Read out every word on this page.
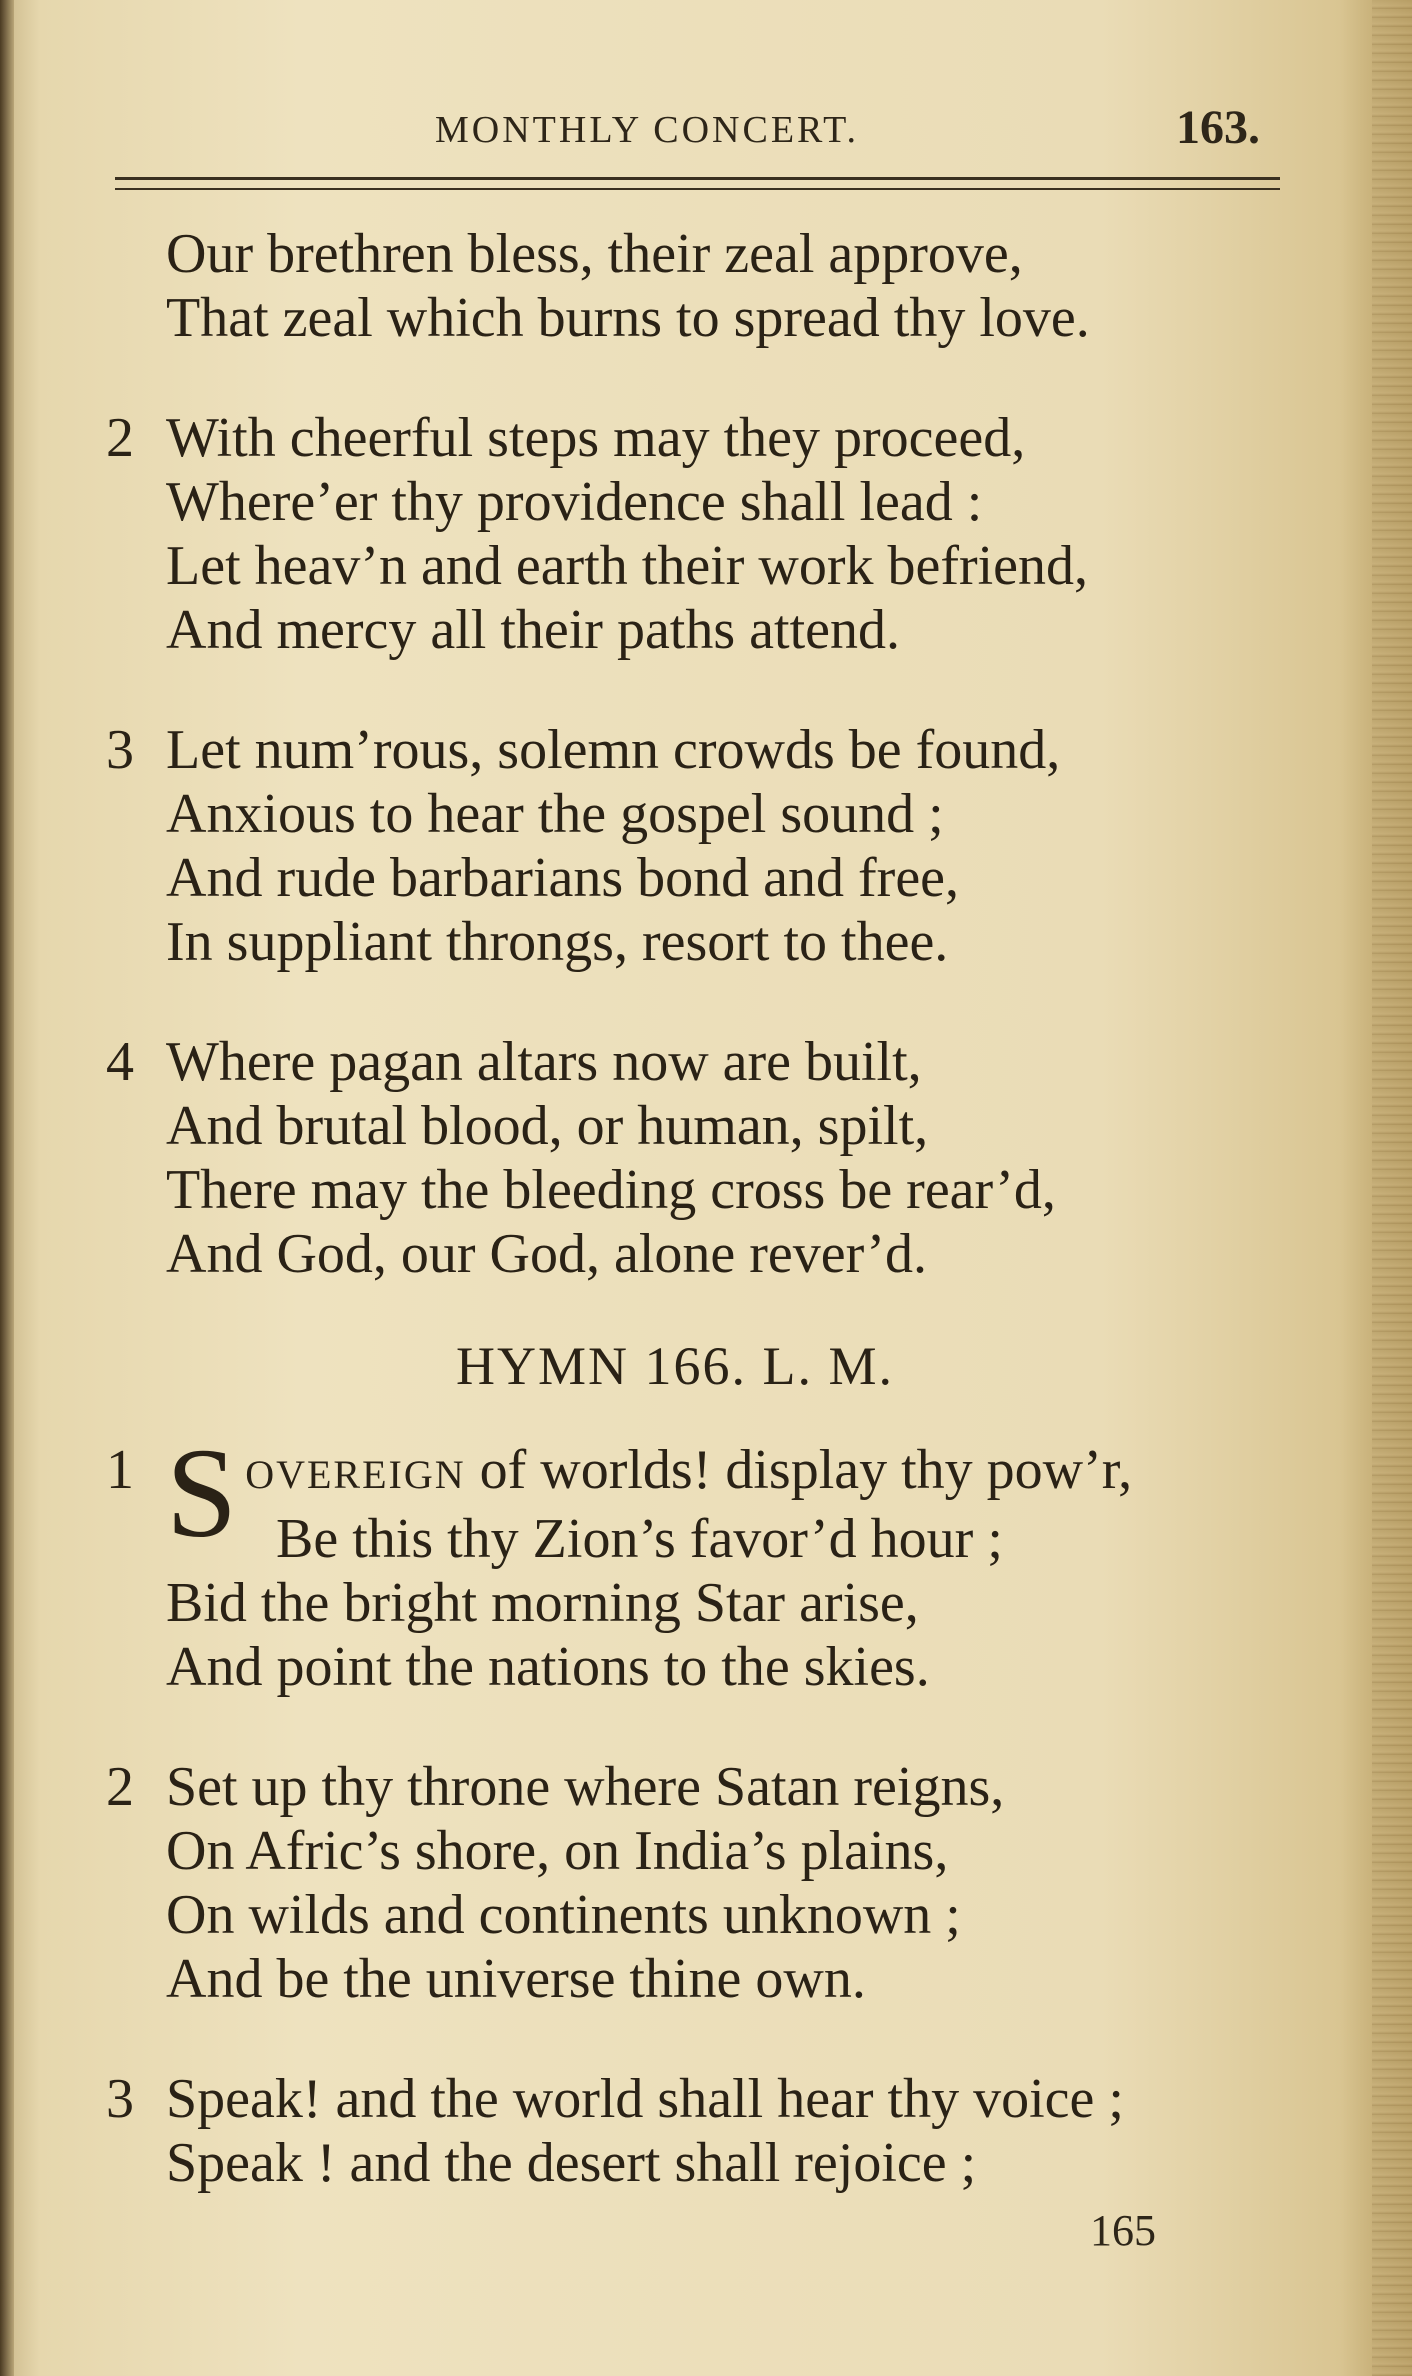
MONTHLY CONCERT.	163.
Our brethren bless, their zeal approve,
That zeal which burns to spread thy love.
2 With cheerful steps may they proceed,
Where’er thy providence shall lead :
Let heav’n and earth their work befriend,
And mercy all their paths attend.
3 Let num’rous, solemn crowds be found,
Anxious to hear the gospel sound ;
And rude barbarians bond and free,
In suppliant throngs, resort to thee.
4 Where pagan altars now are built,
And brutal blood, or human, spilt,
There may the bleeding cross be rear’d,
And God, our God, alone rever’d.
HYMN 166. L. M.
1 S OVEREIGN of worlds! display thy pow’r,
Be this thy Zion’s favor’d hour ;
Bid the bright morning Star arise,
And point the nations to the skies.
2 Set up thy throne where Satan reigns,
On Afric’s shore, on India’s plains,
On wilds and continents unknown ;
And be the universe thine own.
3 Speak! and the world shall hear thy voice ;
Speak ! and the desert shall rejoice ;
165
